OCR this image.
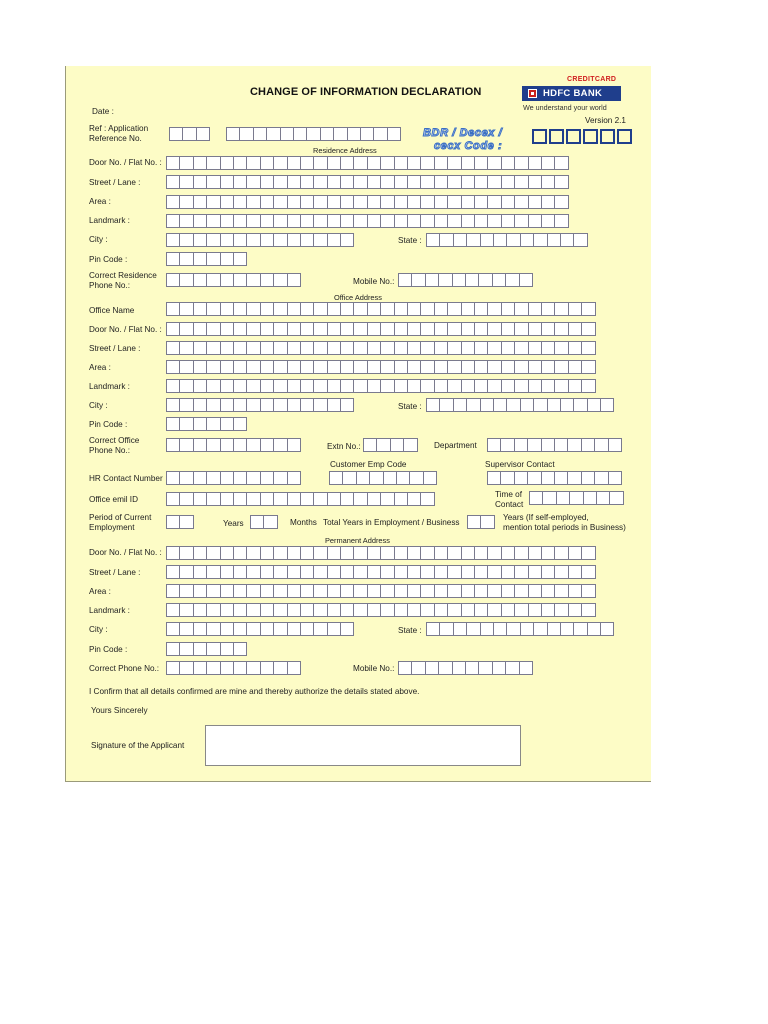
CHANGE OF INFORMATION DECLARATION
CREDITCARD
HDFC BANK
We understand your world
Version 2.1
BDR / Decex /
cecx Code :
Date :
Ref : Application
Reference No.
Residence Address
Door No. / Flat No. :
Street / Lane :
Area :
Landmark :
City :	State :
Pin Code :
Correct Residence
Phone No.:	Mobile No.:
Office Address
Office Name
Door No. / Flat No. :
Street / Lane :
Area :
Landmark :
City :	State :
Pin Code :
Correct Office
Phone No.:	Extn No.:	Department
Customer Emp Code	Supervisor Contact
HR Contact Number
Office emil ID
Time of
Contact
Period of Current
Employment	Years	Months Total Years in Employment / Business
Years (If self-employed,
mention total periods in Business)
Permanent Address
Door No. / Flat No. :
Street / Lane :
Area :
Landmark :
City :	State :
Pin Code :
Correct Phone No.:	Mobile No.:
I Confirm that all details confirmed are mine and thereby authorize the details stated above.
Yours Sincerely
Signature of the Applicant
